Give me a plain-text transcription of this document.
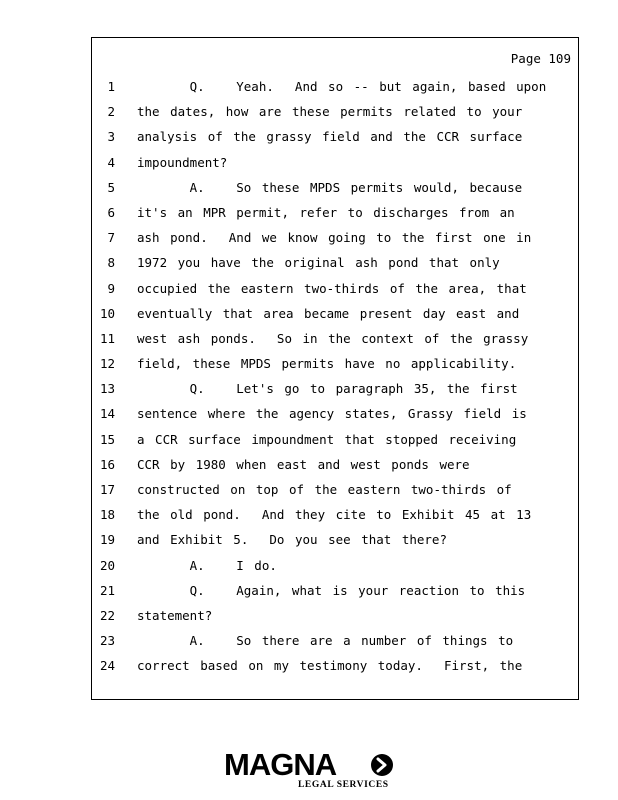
Page 109
1 Q.   Yeah.  And so -- but again, based upon
2 the dates, how are these permits related to your
3 analysis of the grassy field and the CCR surface
4 impoundment?
5 A.   So these MPDS permits would, because
6 it's an MPR permit, refer to discharges from an
7 ash pond.  And we know going to the first one in
8 1972 you have the original ash pond that only
9 occupied the eastern two-thirds of the area, that
10 eventually that area became present day east and
11 west ash ponds.  So in the context of the grassy
12 field, these MPDS permits have no applicability.
13 Q.   Let's go to paragraph 35, the first
14 sentence where the agency states, Grassy field is
15 a CCR surface impoundment that stopped receiving
16 CCR by 1980 when east and west ponds were
17 constructed on top of the eastern two-thirds of
18 the old pond.  And they cite to Exhibit 45 at 13
19 and Exhibit 5.  Do you see that there?
20 A.   I do.
21 Q.   Again, what is your reaction to this
22 statement?
23 A.   So there are a number of things to
24 correct based on my testimony today.  First, the
MAGNA
LEGAL SERVICES
